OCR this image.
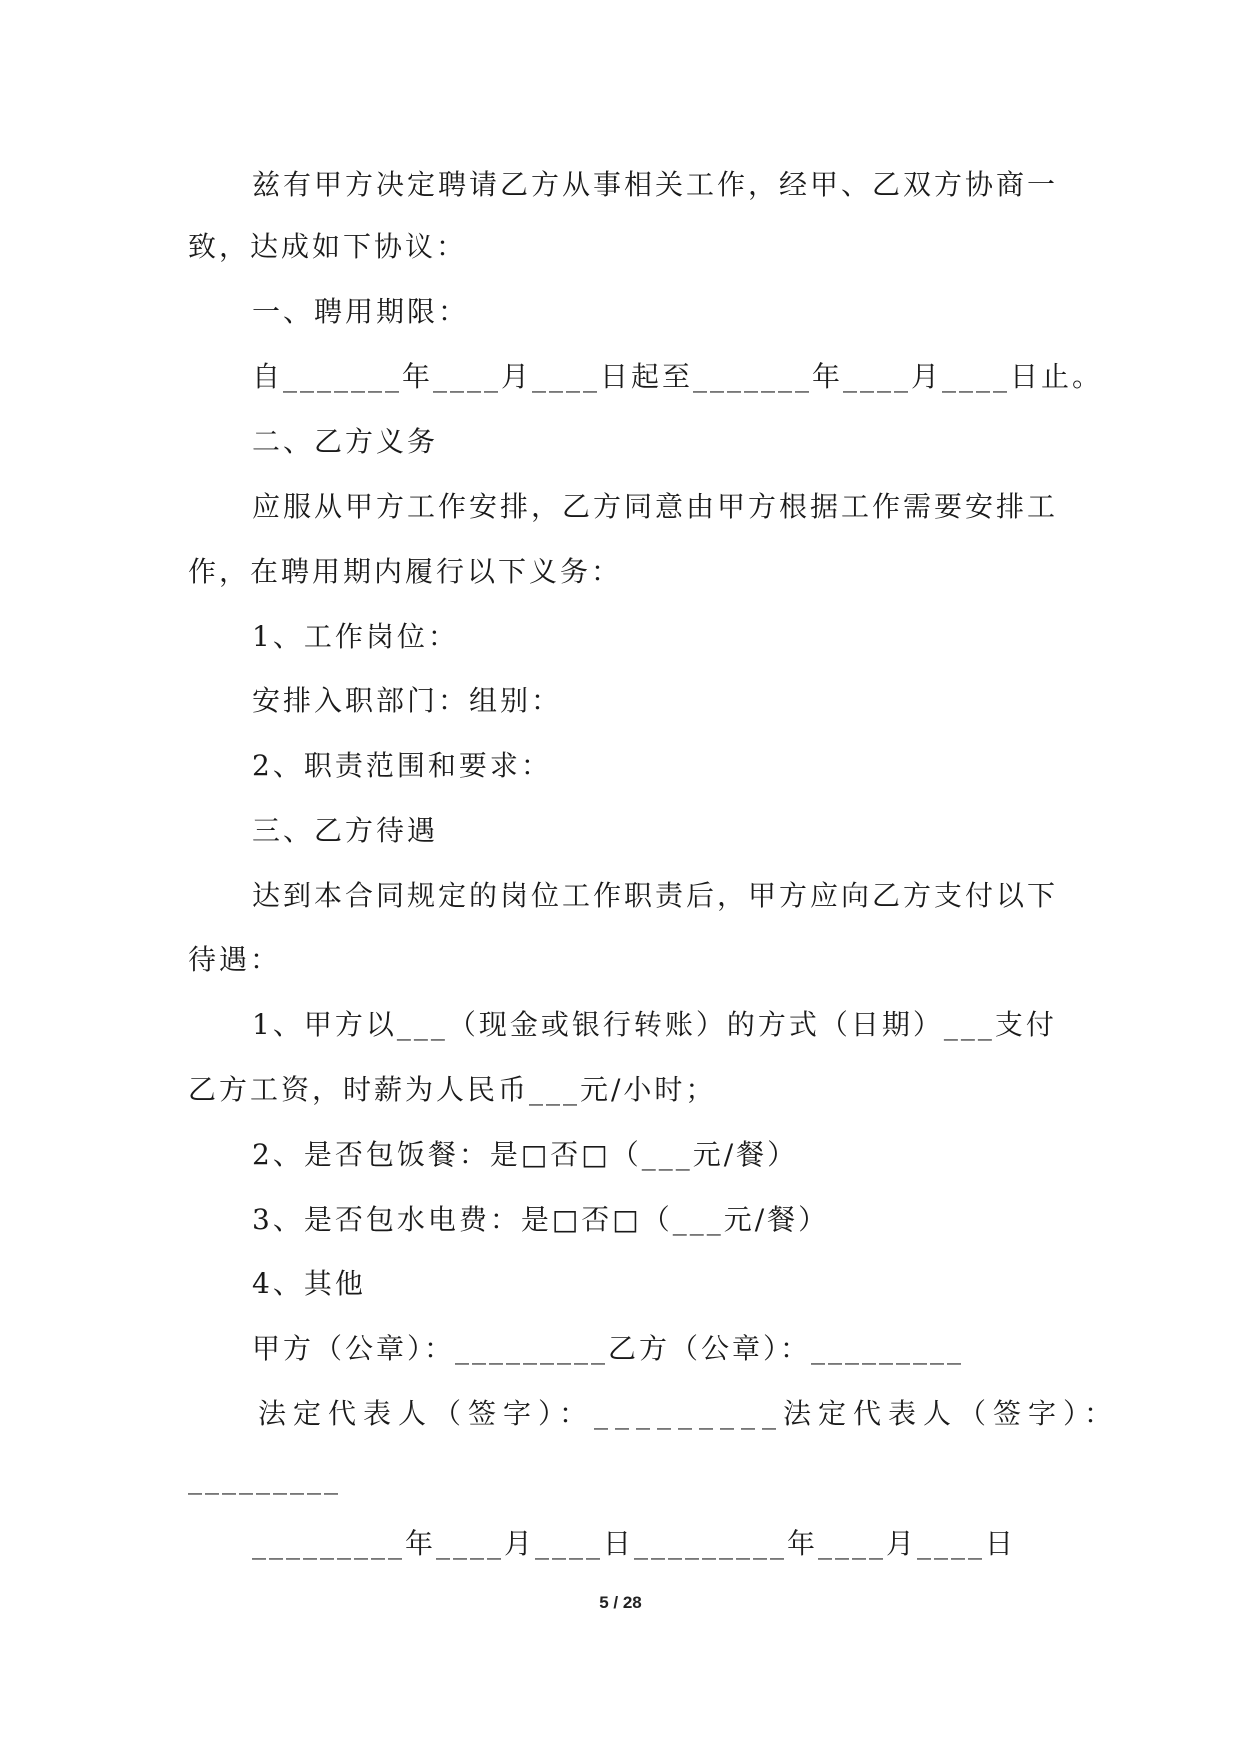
兹有甲方决定聘请乙方从事相关工作，经甲、乙双方协商一
致，达成如下协议：
一、聘用期限：
自_______年____月____日起至_______年____月____日止。
二、乙方义务
应服从甲方工作安排，乙方同意由甲方根据工作需要安排工
作，在聘用期内履行以下义务：
1、工作岗位：
安排入职部门：组别：
2、职责范围和要求：
三、乙方待遇
达到本合同规定的岗位工作职责后，甲方应向乙方支付以下
待遇：
1、甲方以___（现金或银行转账）的方式（日期）___支付
乙方工资，时薪为人民币___元/小时；
2、是否包饭餐：是□否□（___元/餐）
3、是否包水电费：是□否□（___元/餐）
4、其他
甲方（公章）：_________乙方（公章）：_________
法定代表人（签字）：_________法定代表人（签字）：
_________
_________年____月____日_________年____月____日
5 / 28
